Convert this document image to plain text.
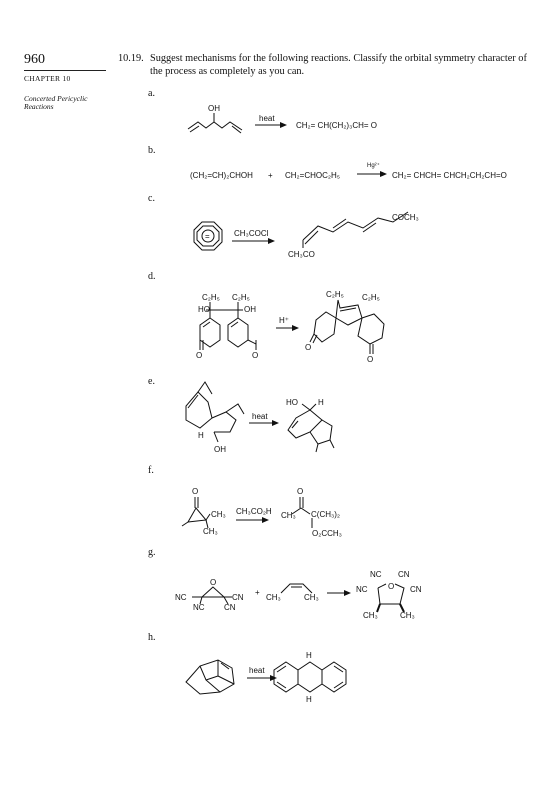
960
CHAPTER 10
Concerted Pericyclic Reactions
10.19. Suggest mechanisms for the following reactions. Classify the orbital symmetry character of the process as completely as you can.
a.
b.
c.
d.
e.
f.
g.
h.
OH
heat
CH₂= CH(CH₂)₃CH= O
(CH₂=CH)₂CHOH + CH₂=CHOC₂H₅
Hg²⁺
CH₂= CHCH= CHCH₂CH₂CH=O
=	CH₃COCl
COCH₃
CH₃CO
C₂H₅ C₂H₅
HO	OH
O	O
H⁺
C₂H₅ C₂H₅
O
O
H
OH
heat
HO	H
O
CH₃
CH₃
CH₃CO₂H
O
CH₃ C(CH₃)₂
O₂CCH₃
O
NC
NC
CN
CN
+
CH₃	CH₃
NC CN
NC	O CN
CH₃	CH₃
heat
H
H
